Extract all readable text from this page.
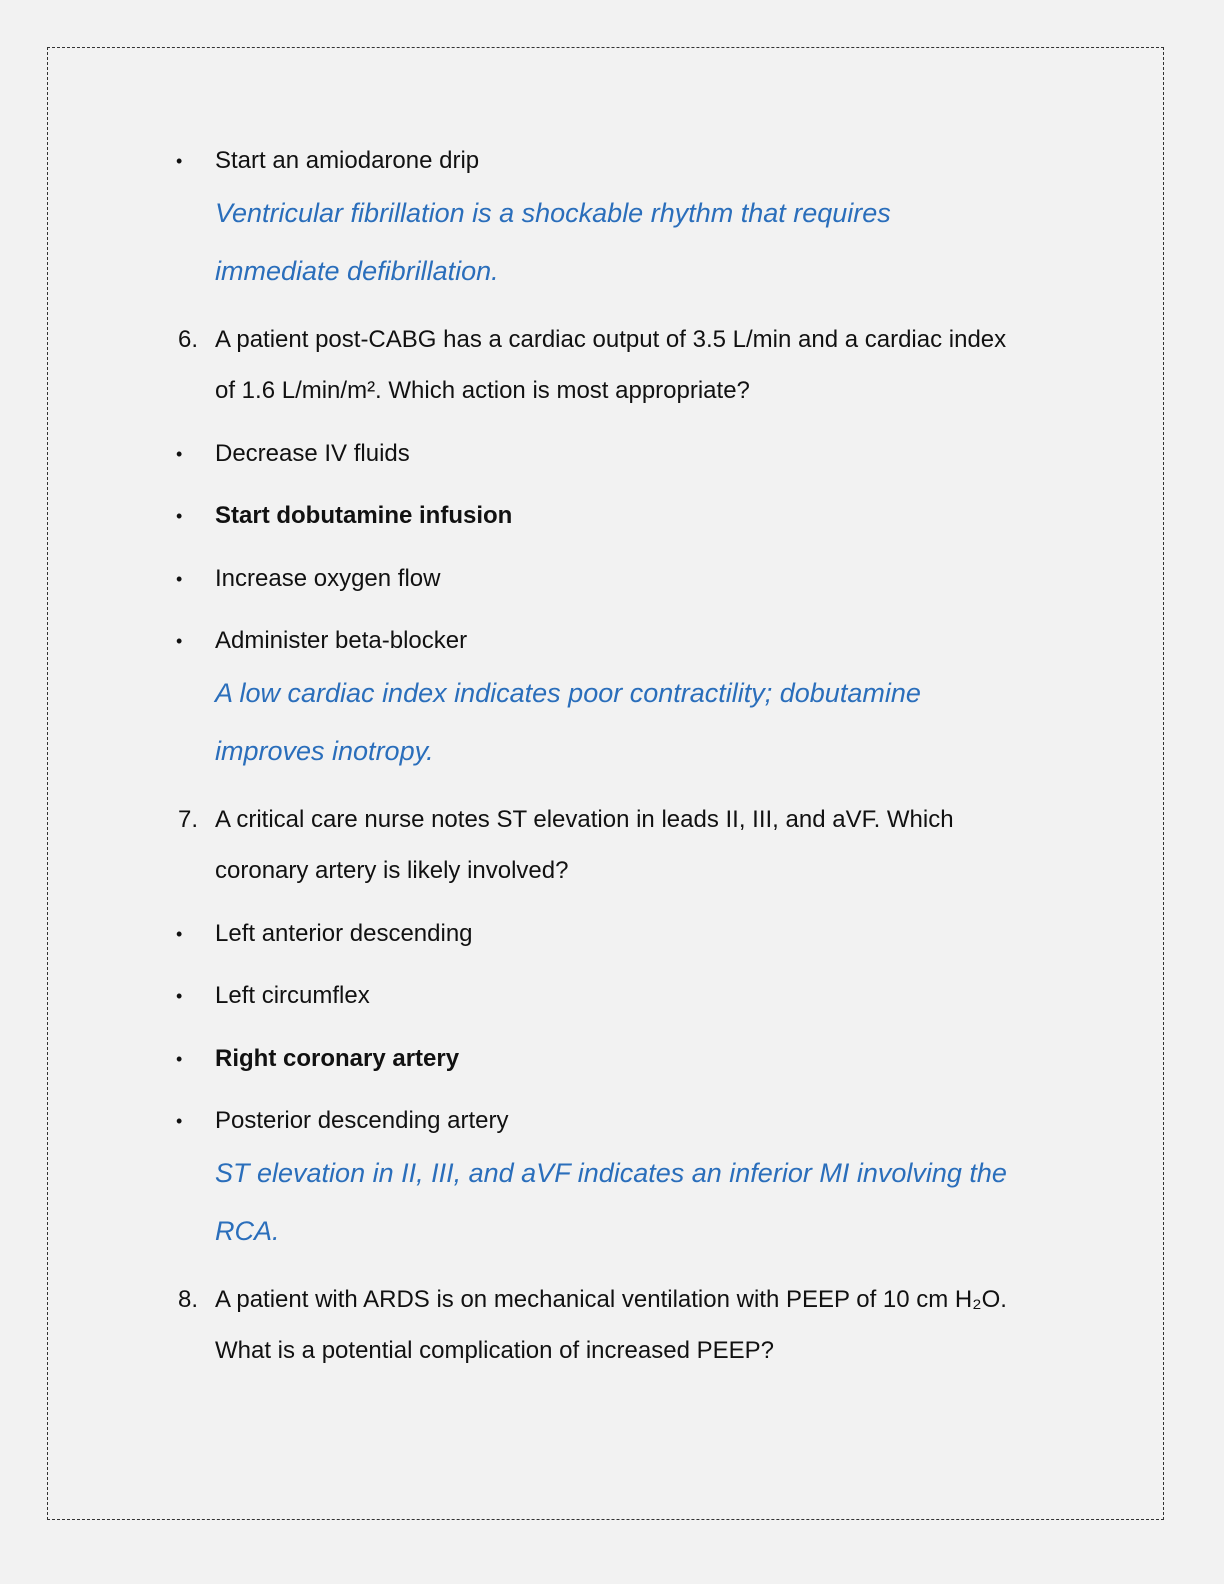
• Start an amiodarone drip
Ventricular fibrillation is a shockable rhythm that requires
immediate defibrillation.
6. A patient post-CABG has a cardiac output of 3.5 L/min and a cardiac index
of 1.6 L/min/m². Which action is most appropriate?
• Decrease IV fluids
• Start dobutamine infusion
• Increase oxygen flow
• Administer beta-blocker
A low cardiac index indicates poor contractility; dobutamine
improves inotropy.
7. A critical care nurse notes ST elevation in leads II, III, and aVF. Which
coronary artery is likely involved?
• Left anterior descending
• Left circumflex
• Right coronary artery
• Posterior descending artery
ST elevation in II, III, and aVF indicates an inferior MI involving the
RCA.
8. A patient with ARDS is on mechanical ventilation with PEEP of 10 cm H₂O.
What is a potential complication of increased PEEP?
